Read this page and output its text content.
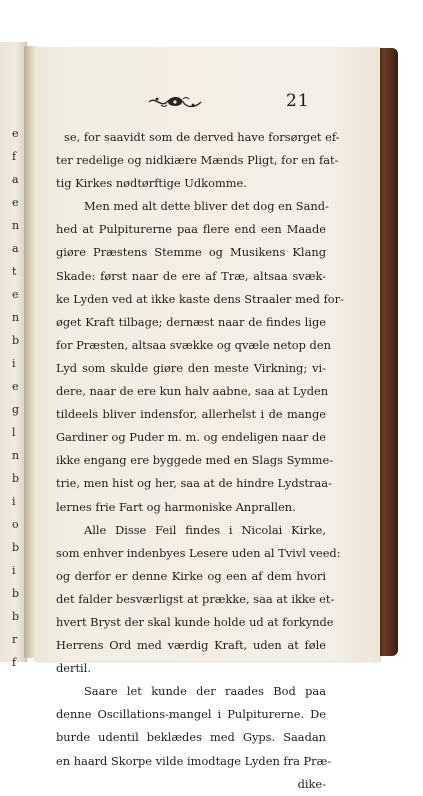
e
f
a
e
n
a
t
e
n
b
i
e
g
l
n
b
i
o
b
i
b
b
r
f
21
se, for saavidt som de derved have forsørget ef-
ter redelige og nidkiære Mænds Pligt, for en fat-
tig Kirkes nødtørftige Udkomme.
Men med alt dette bliver det dog en Sand-
hed at Pulpiturerne paa flere end een Maade
giøre Præstens Stemme og Musikens Klang
Skade: først naar de ere af Træ, altsaa svæk-
ke Lyden ved at ikke kaste dens Straaler med for-
øget Kraft tilbage; dernæst naar de findes lige
for Præsten, altsaa svække og qvæle netop den
Lyd som skulde giøre den meste Virkning; vi-
dere, naar de ere kun halv aabne, saa at Lyden
tildeels bliver indensfor, allerhelst i de mange
Gardiner og Puder m. m. og endeligen naar de
ikke engang ere byggede med en Slags Symme-
trie, men hist og her, saa at de hindre Lydstraa-
lernes frie Fart og harmoniske Anprallen.
Alle Disse Feil findes i Nicolai Kirke,
som enhver indenbyes Lesere uden al Tvivl veed:
og derfor er denne Kirke og een af dem hvori
det falder besværligst at prække, saa at ikke et-
hvert Bryst der skal kunde holde ud at forkynde
Herrens Ord med værdig Kraft, uden at føle
dertil.
Saare let kunde der raades Bod paa
denne Oscillations-mangel i Pulpiturerne. De
burde udentil beklædes med Gyps. Saadan
en haard Skorpe vilde imodtage Lyden fra Præ-
dike-
